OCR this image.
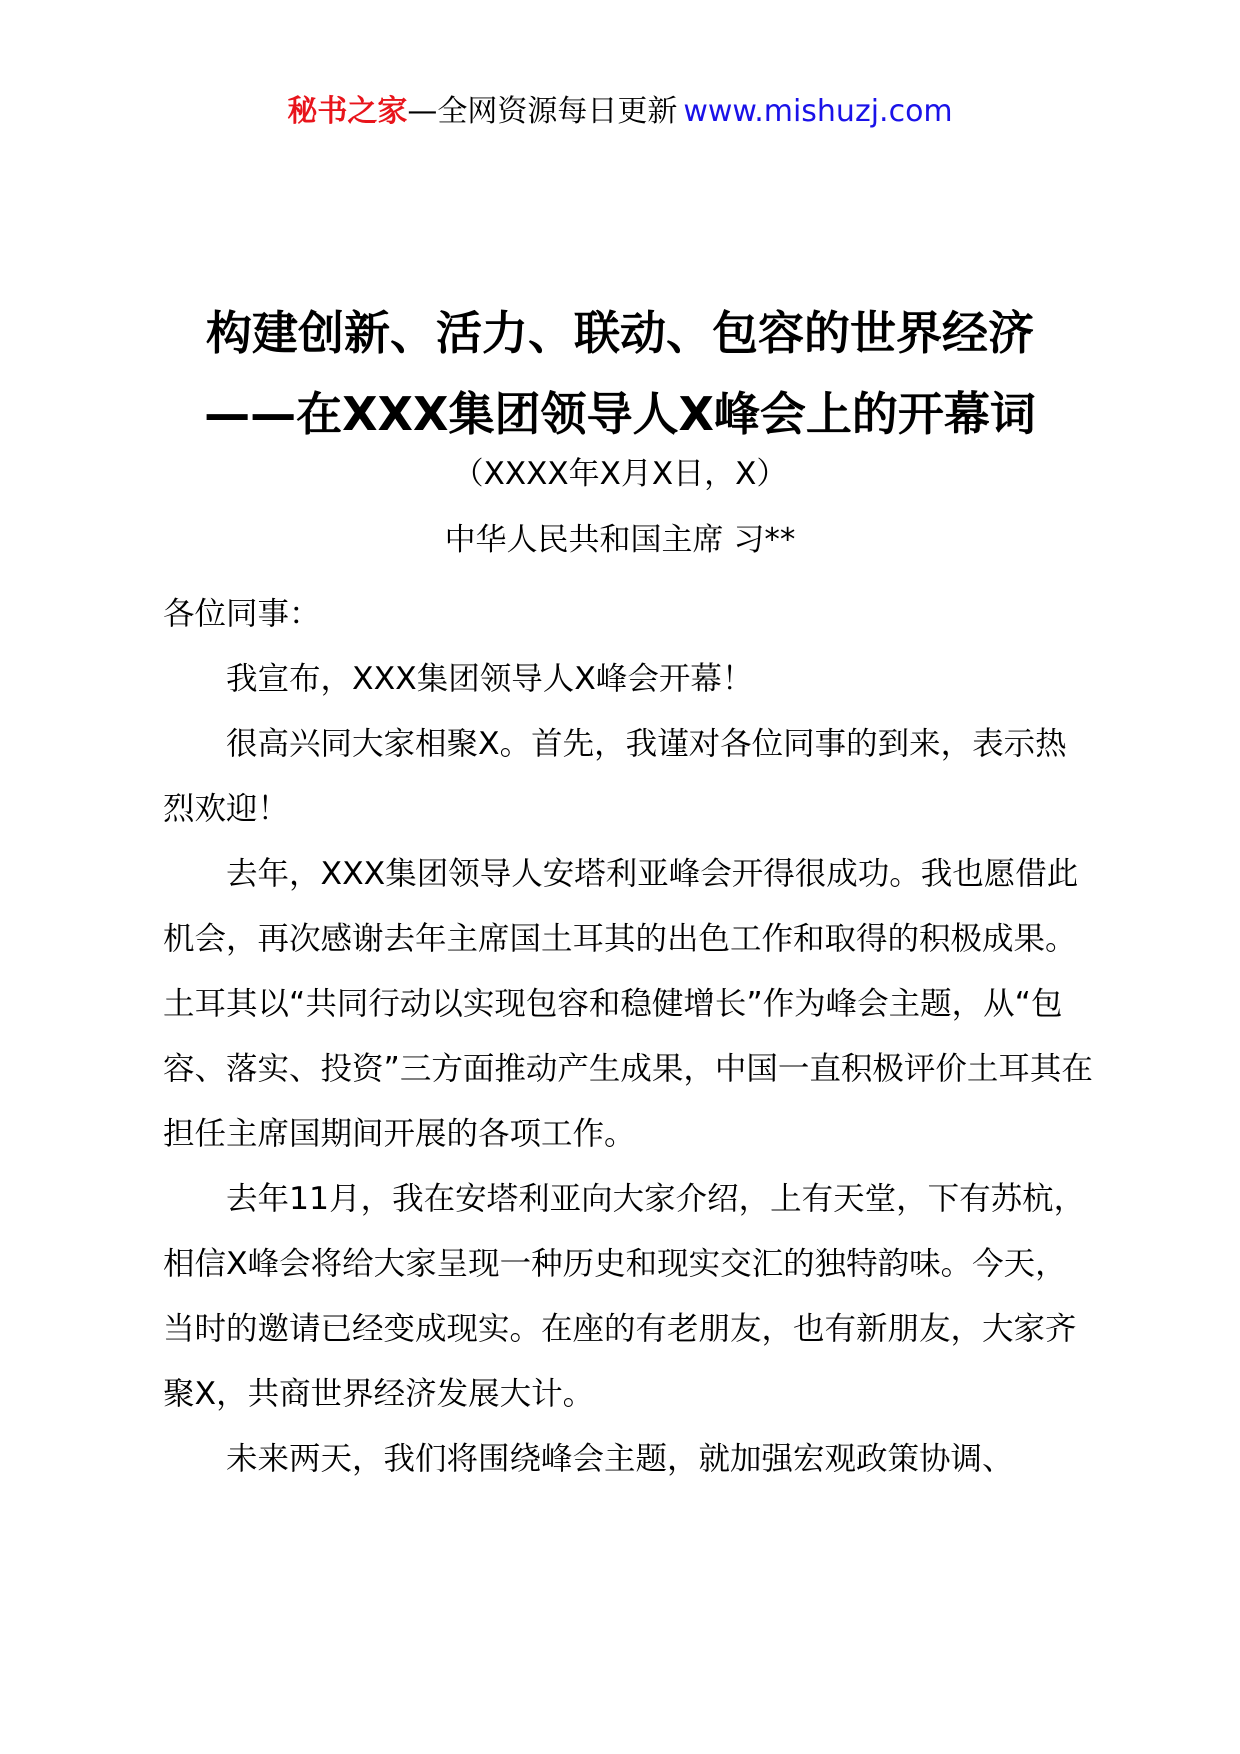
秘书之家—全网资源每日更新 www.mishuzj.com
构建创新、活力、联动、包容的世界经济
——在XXX集团领导人X峰会上的开幕词
（XXXX年X月X日，X）
中华人民共和国主席 习**

各位同事：

我宣布，XXX集团领导人X峰会开幕！

很高兴同大家相聚X。首先，我谨对各位同事的到来，表示热烈欢迎！

去年，XXX集团领导人安塔利亚峰会开得很成功。我也愿借此机会，再次感谢去年主席国土耳其的出色工作和取得的积极成果。土耳其以“共同行动以实现包容和稳健增长”作为峰会主题，从“包容、落实、投资”三方面推动产生成果，中国一直积极评价土耳其在担任主席国期间开展的各项工作。

去年11月，我在安塔利亚向大家介绍，上有天堂，下有苏杭，相信X峰会将给大家呈现一种历史和现实交汇的独特韵味。今天，当时的邀请已经变成现实。在座的有老朋友，也有新朋友，大家齐聚X，共商世界经济发展大计。

未来两天，我们将围绕峰会主题，就加强宏观政策协调、
